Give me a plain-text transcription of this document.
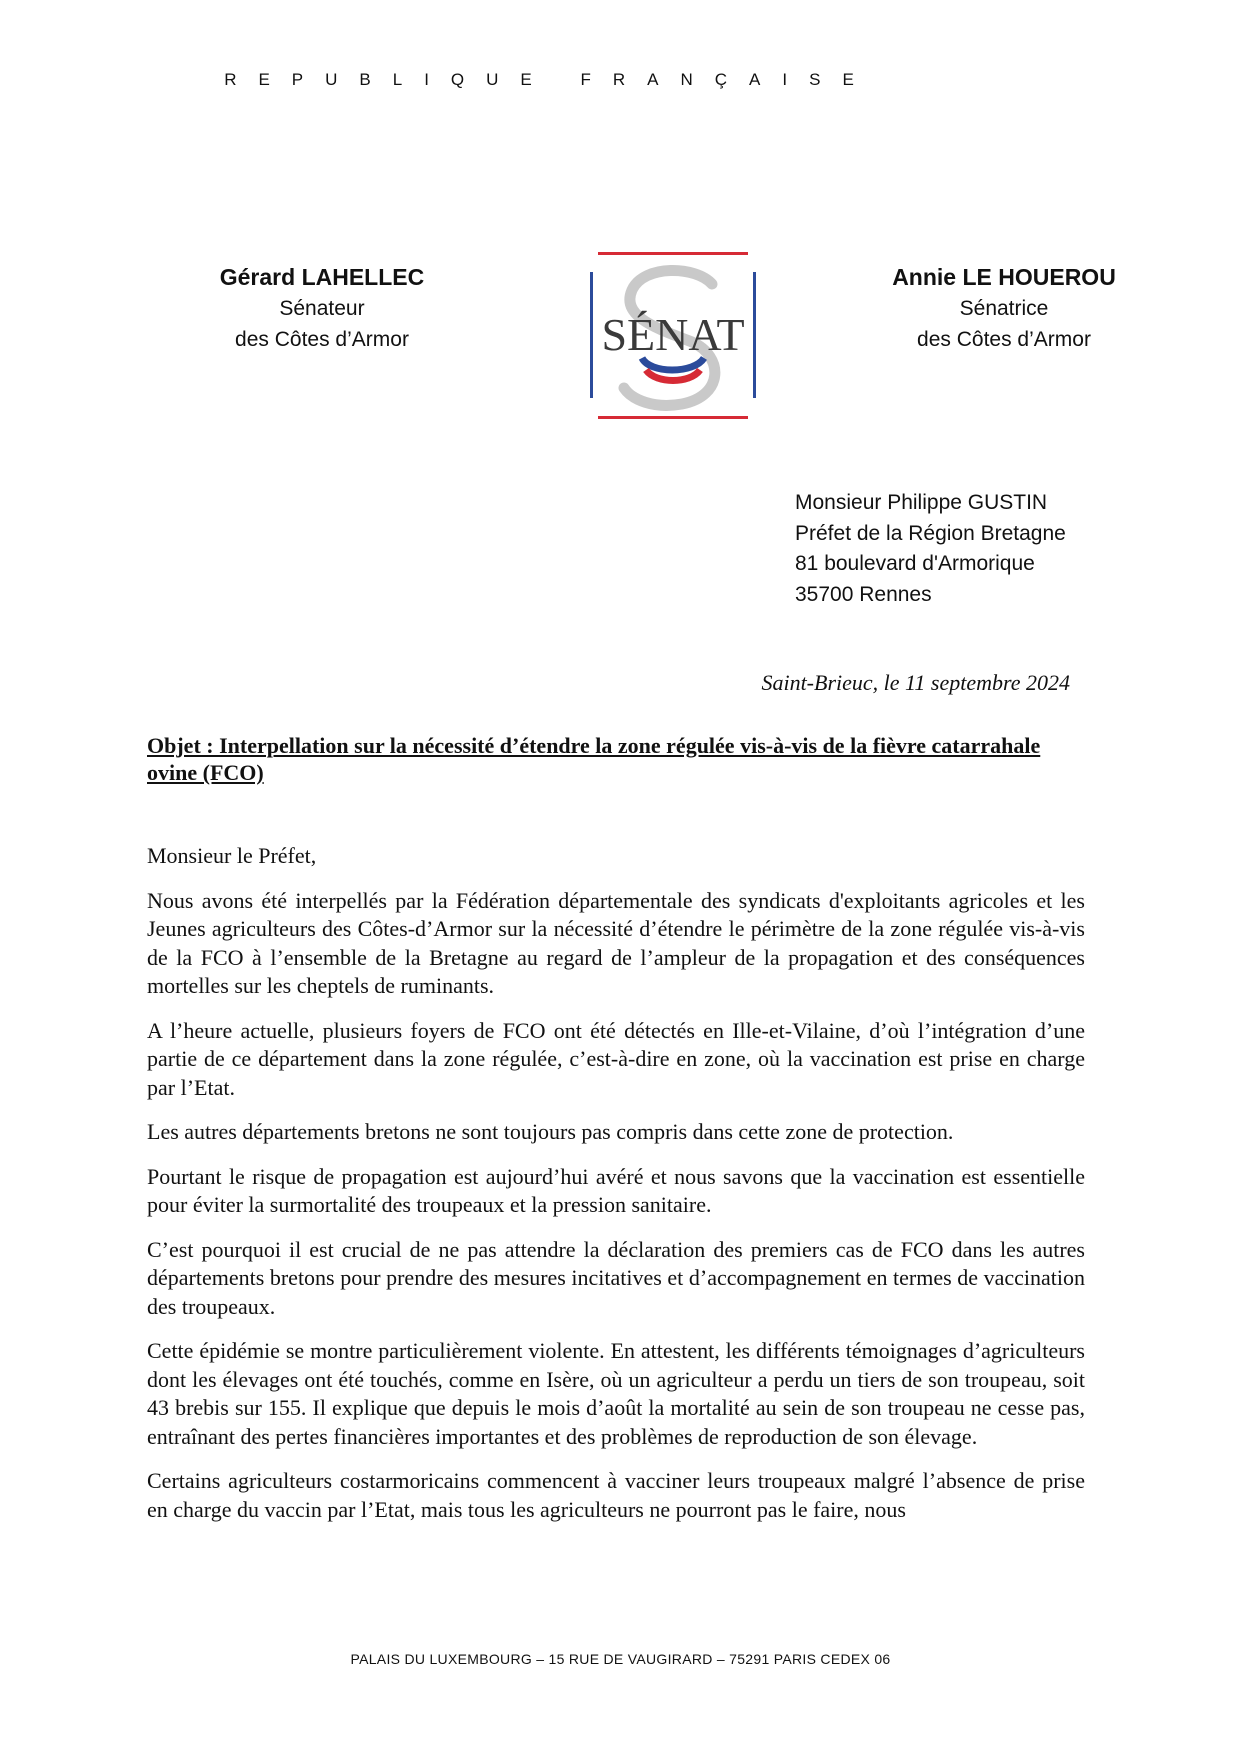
REPUBLIQUE FRANÇAISE
Gérard LAHELLEC
Sénateur
des Côtes d’Armor	SÉNAT
Annie LE HOUEROU
Sénatrice
des Côtes d’Armor
Monsieur Philippe GUSTIN
Préfet de la Région Bretagne
81 boulevard d'Armorique
35700 Rennes
Saint-Brieuc, le 11 septembre 2024
Objet : Interpellation sur la nécessité d’étendre la zone régulée vis-à-vis de la fièvre catarrahale ovine (FCO)

Monsieur le Préfet,

Nous avons été interpellés par la Fédération départementale des syndicats d'exploitants agricoles et les Jeunes agriculteurs des Côtes-d’Armor sur la nécessité d’étendre le périmètre de la zone régulée vis-à-vis de la FCO à l’ensemble de la Bretagne au regard de l’ampleur de la propagation et des conséquences mortelles sur les cheptels de ruminants.

A l’heure actuelle, plusieurs foyers de FCO ont été détectés en Ille-et-Vilaine, d’où l’intégration d’une partie de ce département dans la zone régulée, c’est-à-dire en zone, où la vaccination est prise en charge par l’Etat.

Les autres départements bretons ne sont toujours pas compris dans cette zone de protection.

Pourtant le risque de propagation est aujourd’hui avéré et nous savons que la vaccination est essentielle pour éviter la surmortalité des troupeaux et la pression sanitaire.

C’est pourquoi il est crucial de ne pas attendre la déclaration des premiers cas de FCO dans les autres départements bretons pour prendre des mesures incitatives et d’accompagnement en termes de vaccination des troupeaux.

Cette épidémie se montre particulièrement violente. En attestent, les différents témoignages d’agriculteurs dont les élevages ont été touchés, comme en Isère, où un agriculteur a perdu un tiers de son troupeau, soit 43 brebis sur 155. Il explique que depuis le mois d’août la mortalité au sein de son troupeau ne cesse pas, entraînant des pertes financières importantes et des problèmes de reproduction de son élevage.

Certains agriculteurs costarmoricains commencent à vacciner leurs troupeaux malgré l’absence de prise en charge du vaccin par l’Etat, mais tous les agriculteurs ne pourront pas le faire, nous

PALAIS DU LUXEMBOURG – 15 RUE DE VAUGIRARD – 75291 PARIS CEDEX 06
